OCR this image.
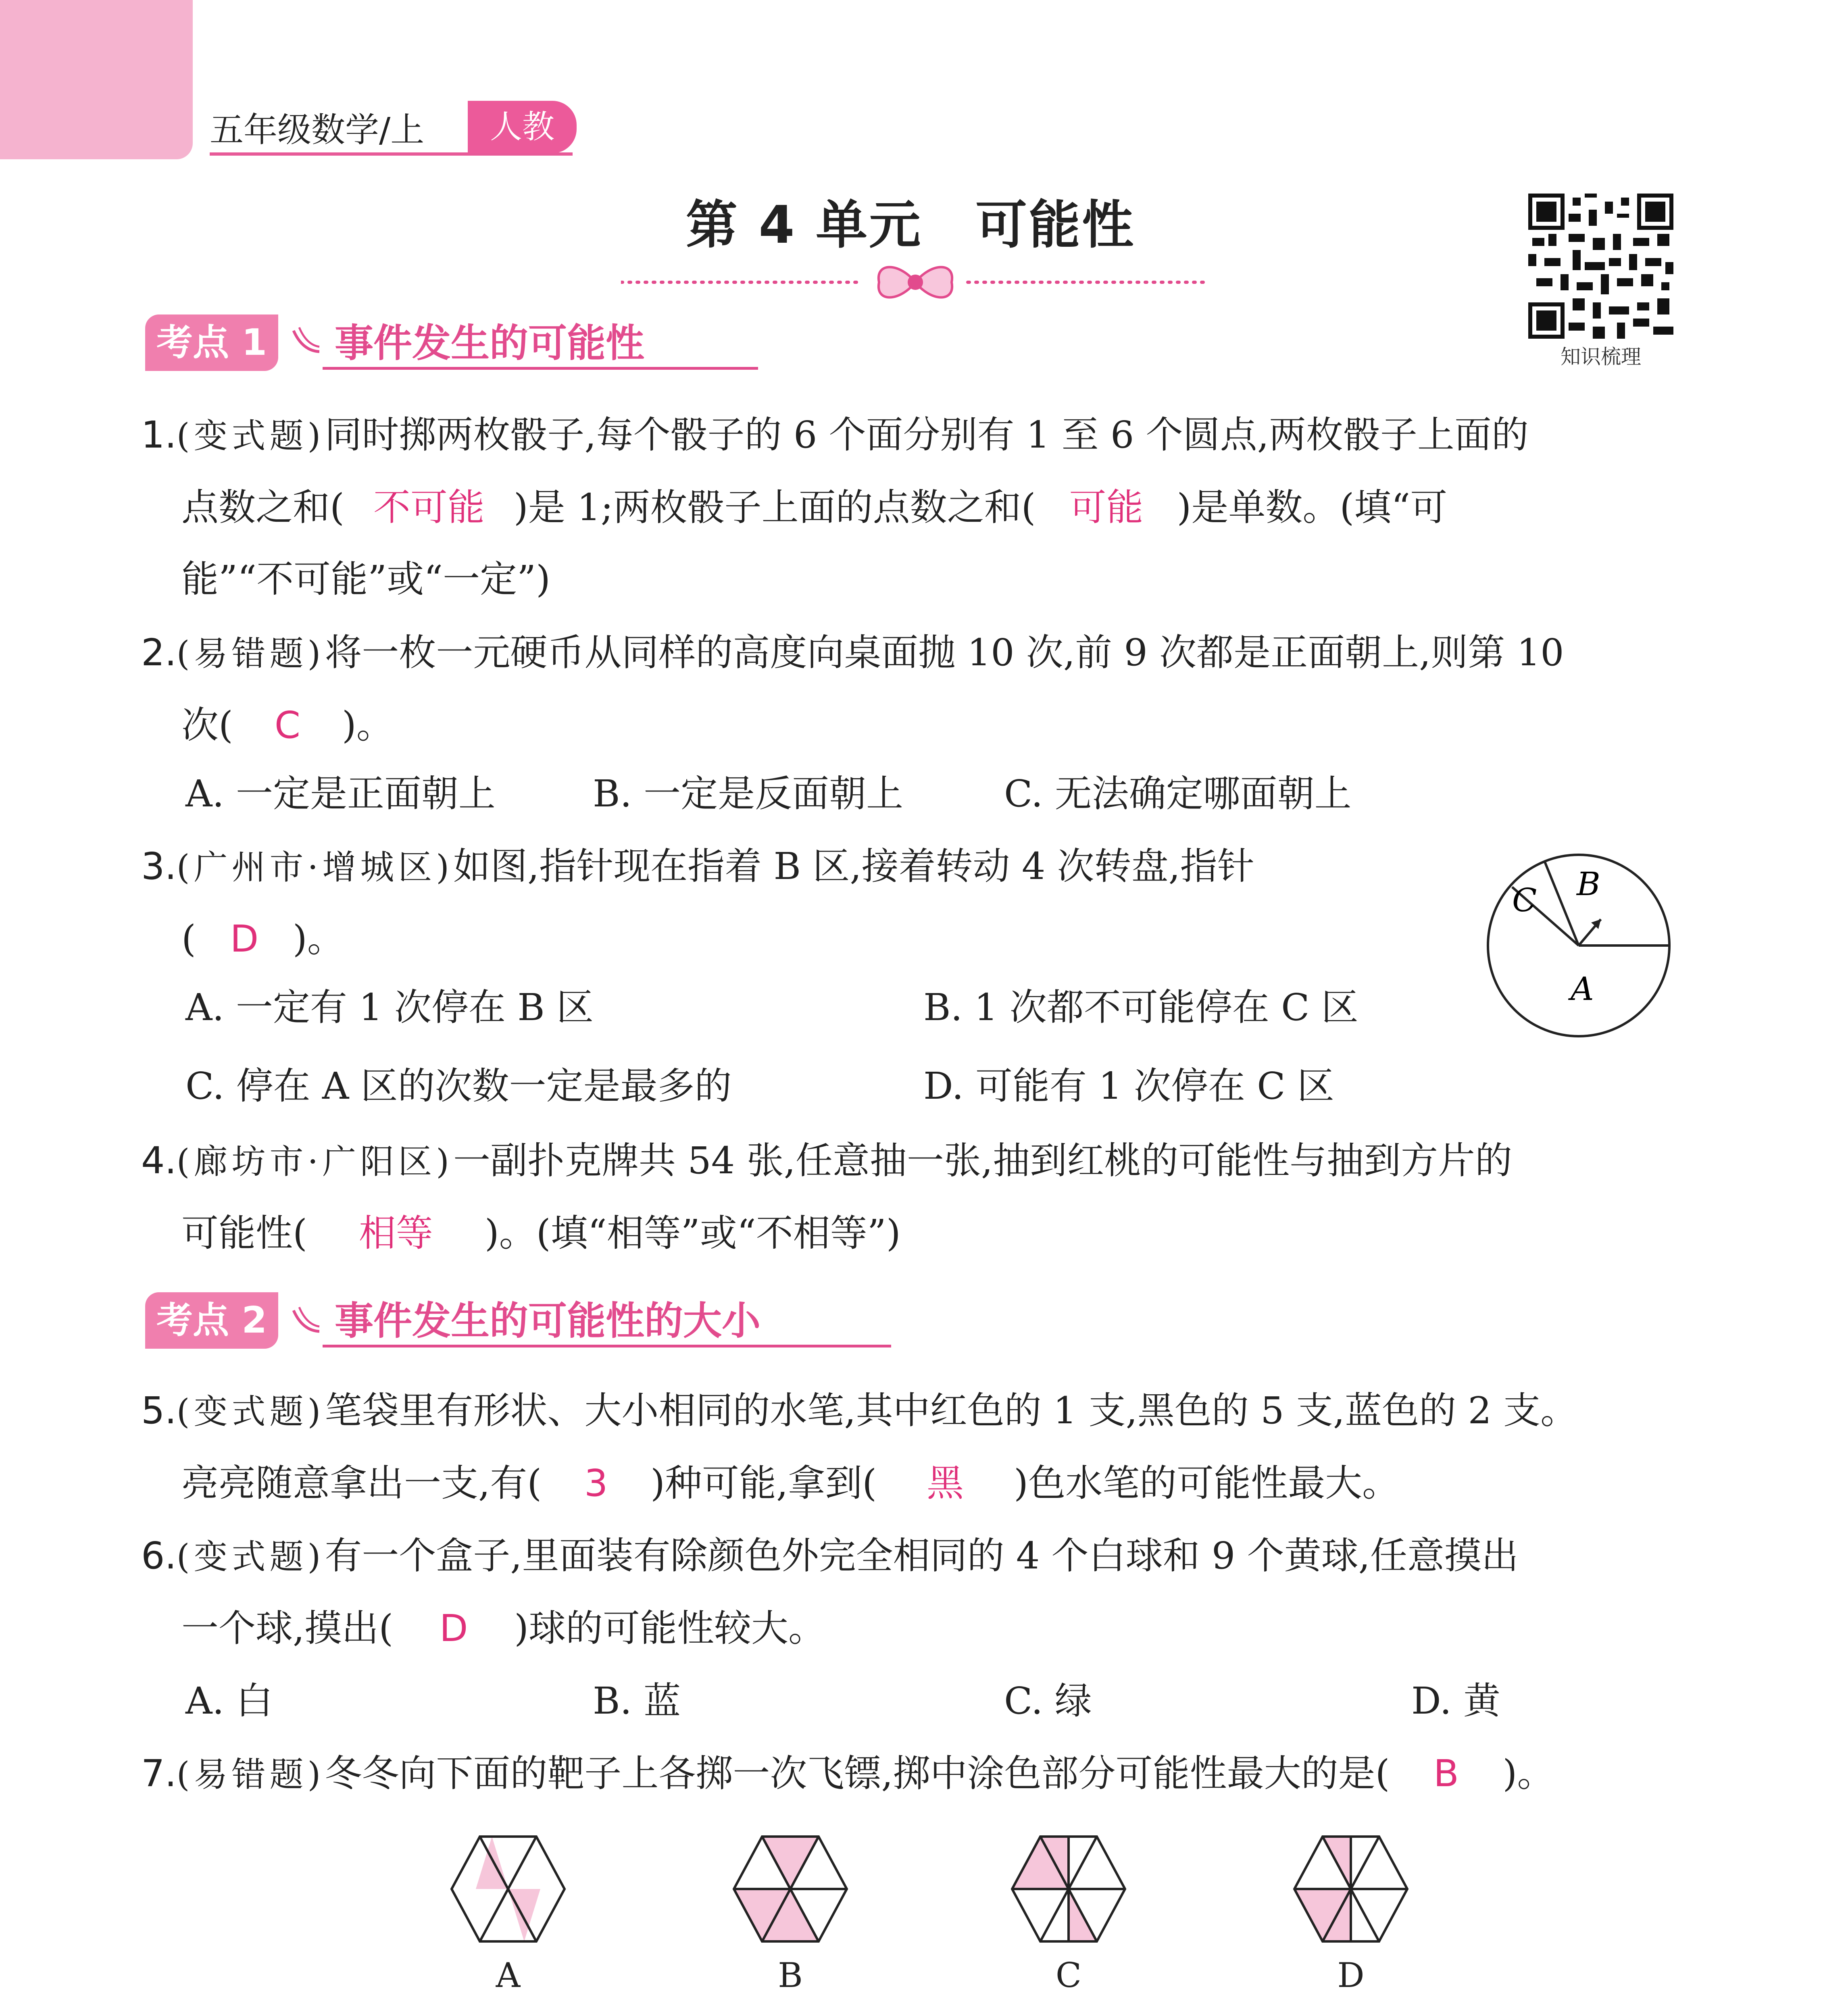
五年级数学/上	人教
第 4 单元　可能性
知识梳理
考点 1 事件发生的可能性
1.(变式题)同时掷两枚骰子,每个骰子的 6 个面分别有 1 至 6 个圆点,两枚骰子上面的
点数之和( 不可能 )是 1;两枚骰子上面的点数之和( 可能 )是单数。(填“可
能”“不可能”或“一定”)
2.(易错题)将一枚一元硬币从同样的高度向桌面抛 10 次,前 9 次都是正面朝上,则第 10
次( C )。
A. 一定是正面朝上	B. 一定是反面朝上	C. 无法确定哪面朝上
3.(广州市·增城区)如图,指针现在指着 B 区,接着转动 4 次转盘,指针
( D )。
C B
A
A. 一定有 1 次停在 B 区	B. 1 次都不可能停在 C 区
C. 停在 A 区的次数一定是最多的	D. 可能有 1 次停在 C 区
4.(廊坊市·广阳区)一副扑克牌共 54 张,任意抽一张,抽到红桃的可能性与抽到方片的
可能性( 相等 )。(填“相等”或“不相等”)
考点 2 事件发生的可能性的大小
5.(变式题)笔袋里有形状、大小相同的水笔,其中红色的 1 支,黑色的 5 支,蓝色的 2 支。
亮亮随意拿出一支,有( 3 )种可能,拿到( 黑 )色水笔的可能性最大。
6.(变式题)有一个盒子,里面装有除颜色外完全相同的 4 个白球和 9 个黄球,任意摸出
一个球,摸出( D )球的可能性较大。
A. 白	B. 蓝	C. 绿	D. 黄
7.(易错题)冬冬向下面的靶子上各掷一次飞镖,掷中涂色部分可能性最大的是( B )。
A	B	C	D
